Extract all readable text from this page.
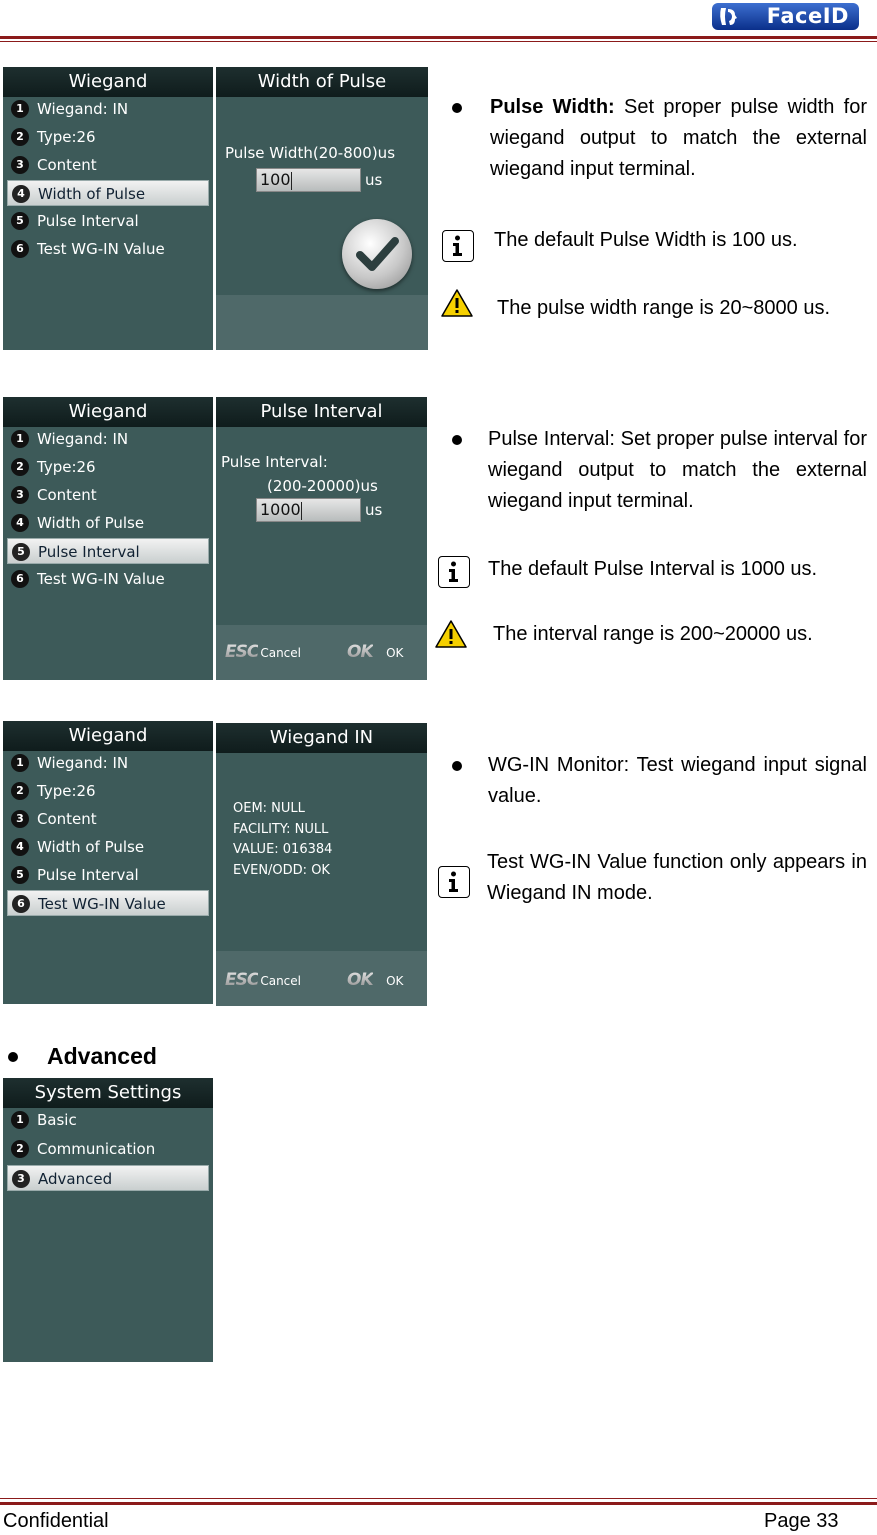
FaceID
Wiegand
1 Wiegand: IN
2 Type:26
3 Content
4 Width of Pulse
5 Pulse Interval
6 Test WG-IN Value
Width of Pulse
Pulse Width(20-800)us
100	us
Pulse Width: Set proper pulse width for wiegand output to match the external wiegand input terminal.
The default Pulse Width is 100 us.
The pulse width range is 20~8000 us.
Wiegand
1 Wiegand: IN
2 Type:26
3 Content
4 Width of Pulse
5 Pulse Interval
6 Test WG-IN Value
Pulse Interval
Pulse Interval:
(200-20000)us
1000	us
ESC Cancel	OK OK
Pulse Interval: Set proper pulse interval for wiegand output to match the external wiegand input terminal.
The default Pulse Interval is 1000 us.
The interval range is 200~20000 us.
Wiegand
1 Wiegand: IN
2 Type:26
3 Content
4 Width of Pulse
5 Pulse Interval
6 Test WG-IN Value
Wiegand IN
OEM: NULL
FACILITY: NULL
VALUE: 016384
EVEN/ODD: OK
ESC Cancel	OK OK
WG-IN Monitor: Test wiegand input signal value.
Test WG-IN Value function only appears in Wiegand IN mode.
Advanced
System Settings
1 Basic
2 Communication
3 Advanced
Confidential	Page 33
